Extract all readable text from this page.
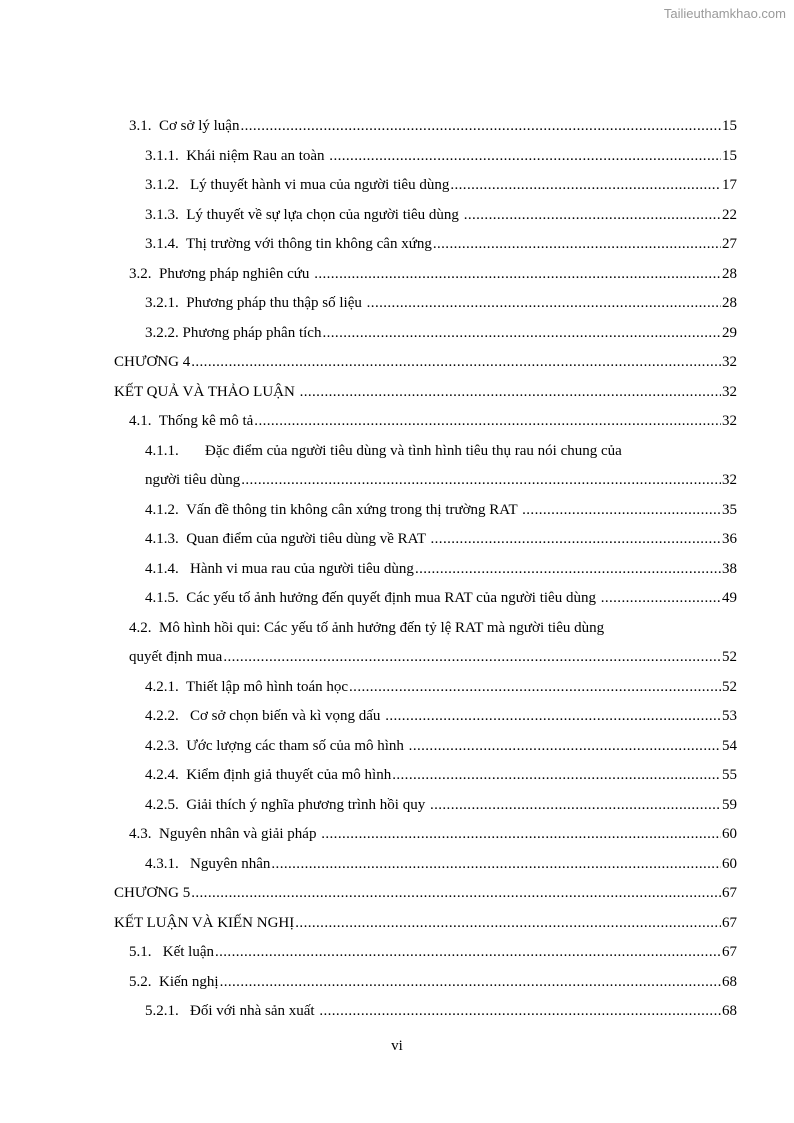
Tailieuthamkhao.com
3.1.  Cơ sở lý luận .....	15
3.1.1.  Khái niệm Rau an toàn .....	15
3.1.2.   Lý thuyết hành vi mua của người tiêu dùng .....	17
3.1.3.  Lý thuyết về sự lựa chọn của người tiêu dùng .....	22
3.1.4.  Thị trường với thông tin không cân xứng .....	27
3.2.  Phương pháp nghiên cứu .....	28
3.2.1.  Phương pháp thu thập số liệu .....	28
3.2.2. Phương pháp phân tích .....	29
CHƯƠNG 4 .....	32
KẾT QUẢ VÀ THẢO LUẬN .....	32
4.1.  Thống kê mô tả .....	32
4.1.1.       Đặc điểm của người tiêu dùng và tình hình tiêu thụ rau nói chung của
người tiêu dùng .....	32
4.1.2.  Vấn đề thông tin không cân xứng trong thị trường RAT .....	35
4.1.3.  Quan điểm của người tiêu dùng về RAT .....	36
4.1.4.   Hành vi mua rau của người tiêu dùng .....	38
4.1.5.  Các yếu tố ảnh hưởng đến quyết định mua RAT của người tiêu dùng .....	49
4.2.  Mô hình hồi qui: Các yếu tố ảnh hưởng đến tỷ lệ RAT mà người tiêu dùng
quyết định mua .....	52
4.2.1.  Thiết lập mô hình toán học .....	52
4.2.2.   Cơ sở chọn biến và kì vọng dấu .....	53
4.2.3.  Ước lượng các tham số của mô hình .....	54
4.2.4.  Kiểm định giả thuyết của mô hình .....	55
4.2.5.  Giải thích ý nghĩa phương trình hồi quy .....	59
4.3.  Nguyên nhân và giải pháp .....	60
4.3.1.   Nguyên nhân .....	60
CHƯƠNG 5 .....	67
KẾT LUẬN VÀ KIẾN NGHỊ .....	67
5.1.   Kết luận .....	67
5.2.  Kiến nghị .....	68
5.2.1.   Đối với nhà sản xuất .....	68
vi
